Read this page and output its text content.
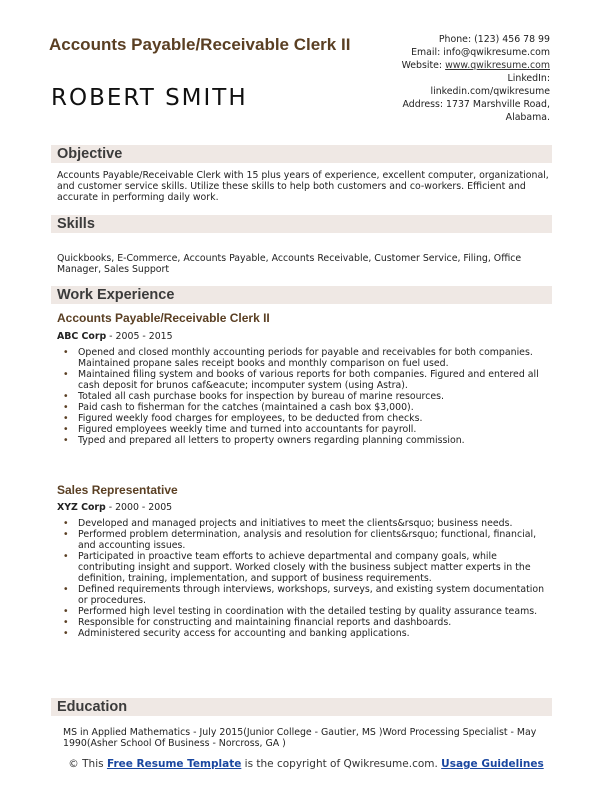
Accounts Payable/Receivable Clerk II
ROBERT SMITH
Phone: (123) 456 78 99
Email: info@qwikresume.com
Website: www.qwikresume.com
LinkedIn:
linkedin.com/qwikresume
Address: 1737 Marshville Road,
Alabama.
Objective
Accounts Payable/Receivable Clerk with 15 plus years of experience, excellent computer, organizational, and customer service skills. Utilize these skills to help both customers and co-workers. Efficient and accurate in performing daily work.
Skills
Quickbooks, E-Commerce, Accounts Payable, Accounts Receivable, Customer Service, Filing, Office Manager, Sales Support
Work Experience
Accounts Payable/Receivable Clerk II
ABC Corp - 2005 - 2015
• Opened and closed monthly accounting periods for payable and receivables for both companies. Maintained propane sales receipt books and monthly comparison on fuel used.
• Maintained filing system and books of various reports for both companies. Figured and entered all cash deposit for brunos caf&eacute; incomputer system (using Astra).
• Totaled all cash purchase books for inspection by bureau of marine resources.
• Paid cash to fisherman for the catches (maintained a cash box $3,000).
• Figured weekly food charges for employees, to be deducted from checks.
• Figured employees weekly time and turned into accountants for payroll.
• Typed and prepared all letters to property owners regarding planning commission.
Sales Representative
XYZ Corp - 2000 - 2005
• Developed and managed projects and initiatives to meet the clients&rsquo; business needs.
• Performed problem determination, analysis and resolution for clients&rsquo; functional, financial, and accounting issues.
• Participated in proactive team efforts to achieve departmental and company goals, while contributing insight and support. Worked closely with the business subject matter experts in the definition, training, implementation, and support of business requirements.
• Defined requirements through interviews, workshops, surveys, and existing system documentation or procedures.
• Performed high level testing in coordination with the detailed testing by quality assurance teams.
• Responsible for constructing and maintaining financial reports and dashboards.
• Administered security access for accounting and banking applications.
Education
MS in Applied Mathematics - July 2015(Junior College - Gautier, MS )Word Processing Specialist - May 1990(Asher School Of Business - Norcross, GA )
© This Free Resume Template is the copyright of Qwikresume.com. Usage Guidelines
